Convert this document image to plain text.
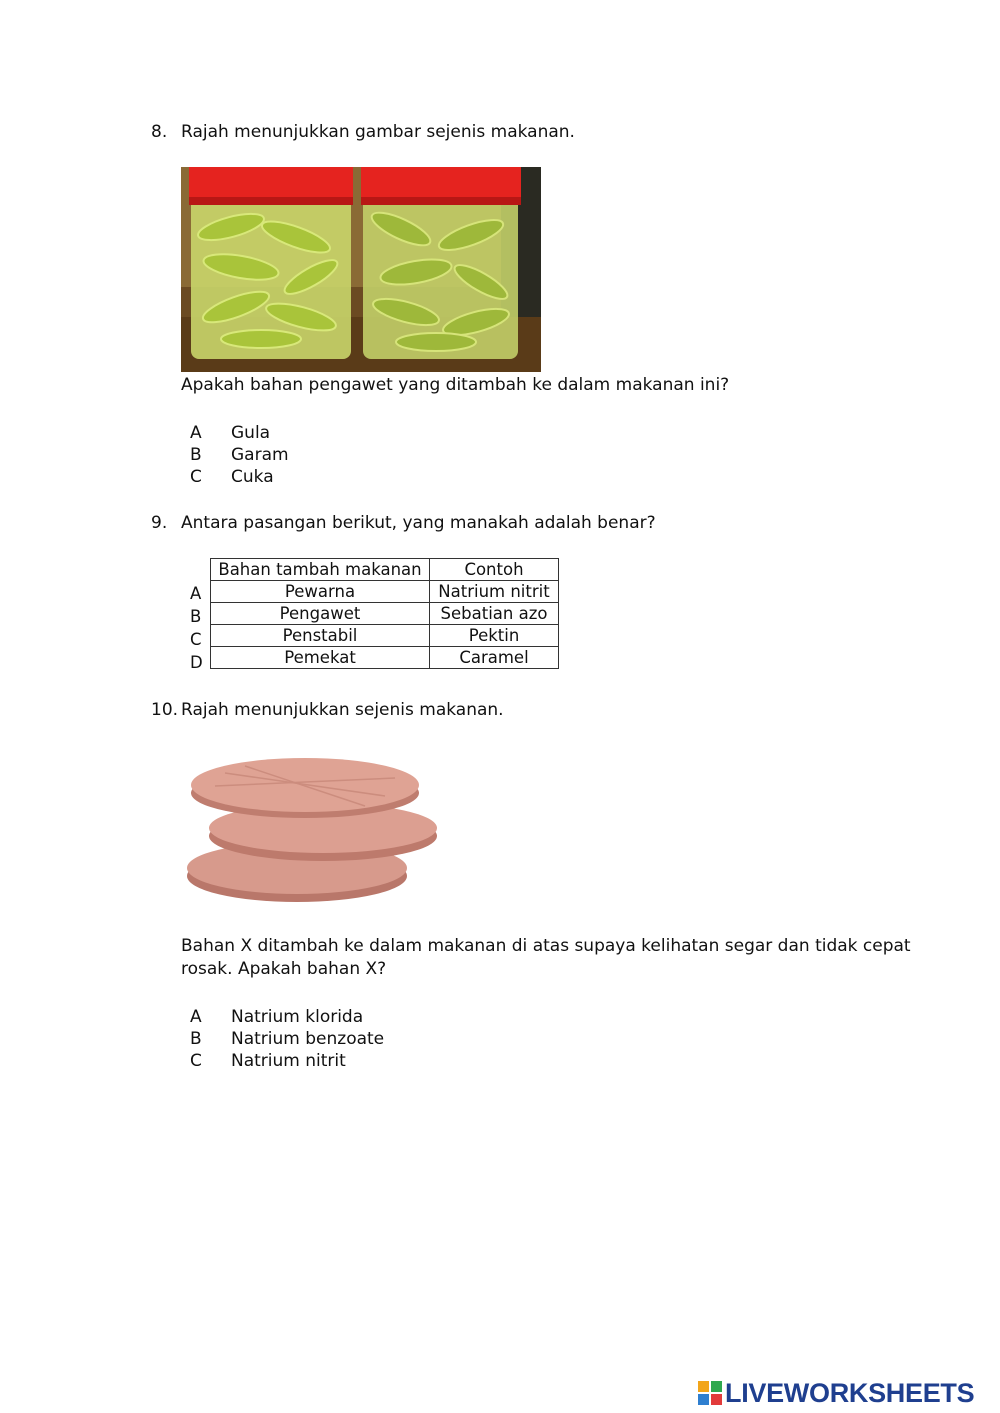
8. Rajah menunjukkan gambar sejenis makanan.
Apakah bahan pengawet yang ditambah ke dalam makanan ini?
A Gula
B Garam
C Cuka
9. Antara pasangan berikut, yang manakah adalah benar?
Bahan tambah makanan	Contoh
Pewarna	Natrium nitrit
Pengawet	Sebatian azo
Penstabil	Pektin
Pemekat	Caramel
A
B
C
D
10. Rajah menunjukkan sejenis makanan.
Bahan X ditambah ke dalam makanan di atas supaya kelihatan segar dan tidak cepat
rosak. Apakah bahan X?
A Natrium klorida
B Natrium benzoate
C Natrium nitrit
LIVEWORKSHEETS
